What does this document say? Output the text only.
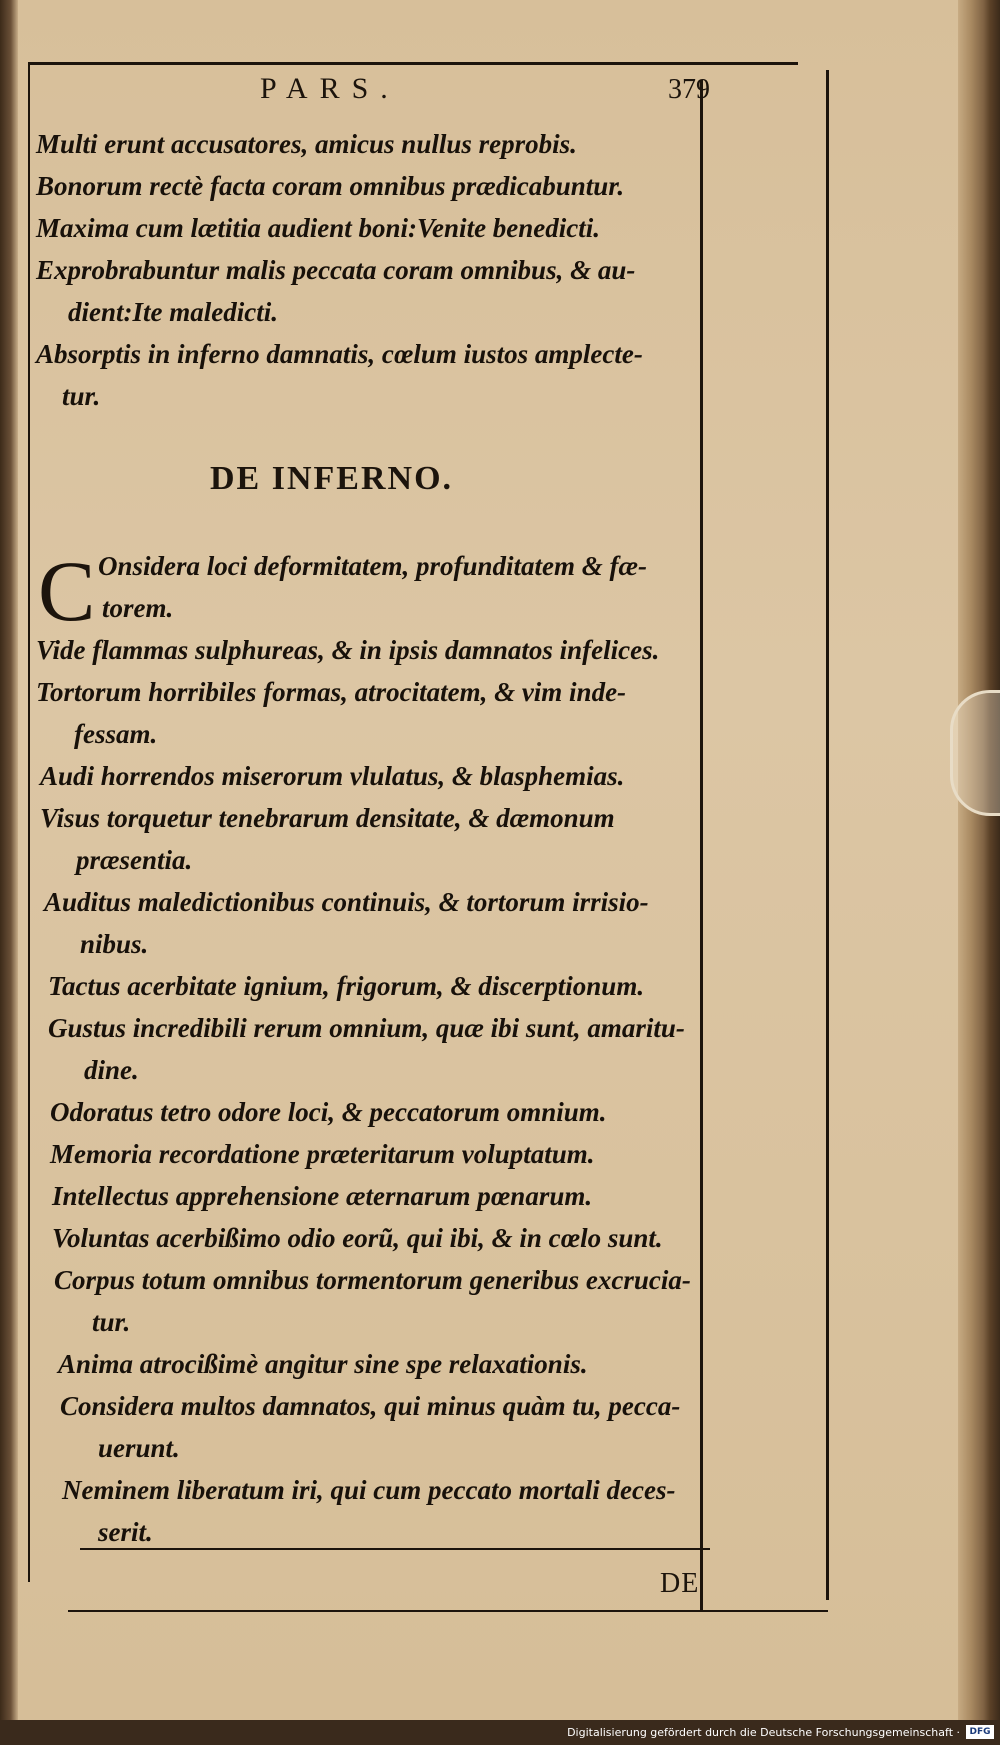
PARS.	379
Multi erunt accusatores, amicus nullus reprobis.
Bonorum rectè facta coram omnibus prædicabuntur.
Maxima cum lætitia audient boni:Venite benedicti.
Exprobrabuntur malis peccata coram omnibus, & au-
dient:Ite maledicti.
Absorptis in inferno damnatis, cœlum iustos amplecte-
tur.
DE INFERNO.
C Onsidera loci deformitatem, profunditatem & fæ-
torem.
Vide flammas sulphureas, & in ipsis damnatos infelices.
Tortorum horribiles formas, atrocitatem, & vim inde-
fessam.
Audi horrendos miserorum vlulatus, & blasphemias.
Visus torquetur tenebrarum densitate, & dæmonum
præsentia.
Auditus maledictionibus continuis, & tortorum irrisio-
nibus.
Tactus acerbitate ignium, frigorum, & discerptionum.
Gustus incredibili rerum omnium, quæ ibi sunt, amaritu-
dine.
Odoratus tetro odore loci, & peccatorum omnium.
Memoria recordatione præteritarum voluptatum.
Intellectus apprehensione æternarum pœnarum.
Voluntas acerbißimo odio eorũ, qui ibi, & in cœlo sunt.
Corpus totum omnibus tormentorum generibus excrucia-
tur.
Anima atrocißimè angitur sine spe relaxationis.
Considera multos damnatos, qui minus quàm tu, pecca-
uerunt.
Neminem liberatum iri, qui cum peccato mortali deces-
serit.
DE
Digitalisierung gefördert durch die Deutsche Forschungsgemeinschaft ·	DFG
